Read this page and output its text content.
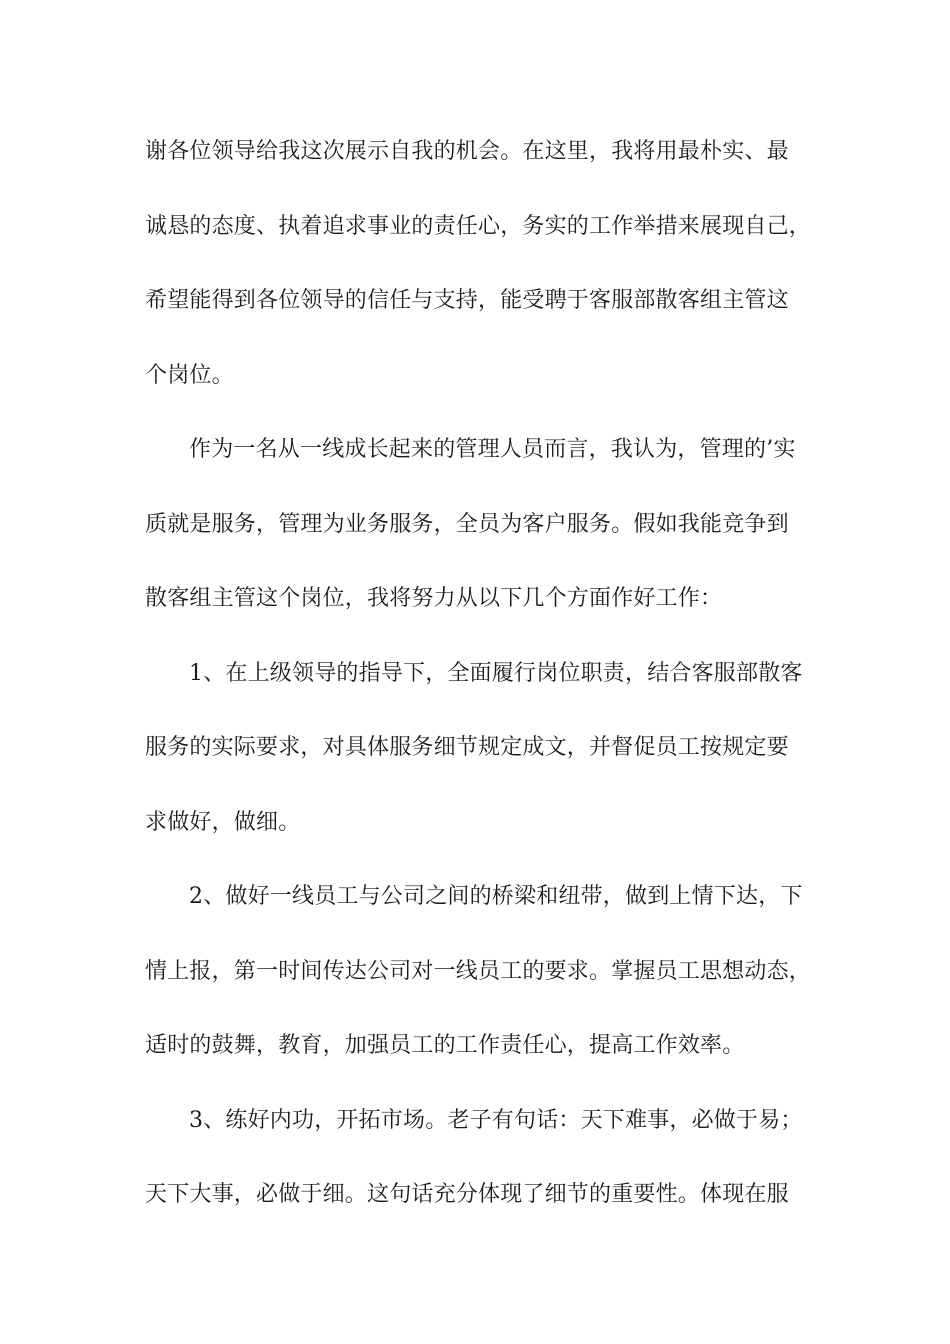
谢各位领导给我这次展示自我的机会。在这里，我将用最朴实、最
诚恳的态度、执着追求事业的责任心，务实的工作举措来展现自己，
希望能得到各位领导的信任与支持，能受聘于客服部散客组主管这
个岗位。
作为一名从一线成长起来的管理人员而言，我认为，管理的’实
质就是服务，管理为业务服务，全员为客户服务。假如我能竞争到
散客组主管这个岗位，我将努力从以下几个方面作好工作：
1、在上级领导的指导下，全面履行岗位职责，结合客服部散客
服务的实际要求，对具体服务细节规定成文，并督促员工按规定要
求做好，做细。
2、做好一线员工与公司之间的桥梁和纽带，做到上情下达，下
情上报，第一时间传达公司对一线员工的要求。掌握员工思想动态，
适时的鼓舞，教育，加强员工的工作责任心，提高工作效率。
3、练好内功，开拓市场。老子有句话：天下难事，必做于易；
天下大事，必做于细。这句话充分体现了细节的重要性。体现在服
